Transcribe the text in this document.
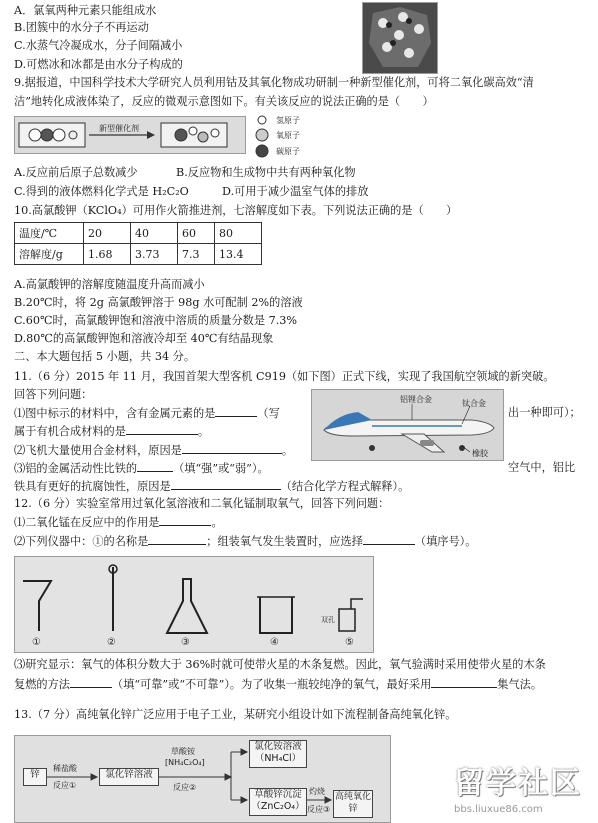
A．氯氧两种元素只能组成水
B.团簇中的水分子不再运动
C.水蒸气冷凝成水，分子间隔减小
D.可燃冰和冰都是由水分子构成的
9.据报道，中国科学技术大学研究人员利用钴及其氧化物成功研制一种新型催化剂，可将二氧化碳高效“清
洁”地转化成液体染了，反应的微观示意图如下。有关该反应的说法正确的是（　　）
新型催化剂
氢原子
氧原子
碳原子
A.反应前后原子总数减少	B.反应物和生成物中共有两种氧化物
C.得到的液体燃料化学式是 H₂C₂O	D.可用于减少温室气体的排放
10.高氯酸钾（KClO₄）可用作火箭推进剂，七溶解度如下表。下列说法正确的是（　　）
温度/℃	20	40	60	80
溶解度/g	1.68	3.73	7.3	13.4
A.高氯酸钾的溶解度随温度升高而减小
B.20℃时，将 2g 高氯酸钾溶于 98g 水可配制 2%的溶液
C.60℃时，高氯酸钾饱和溶液中溶质的质量分数是 7.3%
D.80℃的高氯酸钾饱和溶液冷却至 40℃有结晶现象
二、本大题包括 5 小题，共 34 分。
11.（6 分）2015 年 11 月，我国首架大型客机 C919（如下图）正式下线，实现了我国航空领域的新突破。
回答下列问题：
⑴图中标示的材料中，含有金属元素的是	（写	出一种即可）；
属于有机合成材料的是	。
⑵飞机大量使用合金材料，原因是	。
⑶铝的金属活动性比铁的	（填“强”或“弱”）。	空气中，铝比
铁具有更好的抗腐蚀性，原因是	（结合化学方程式解释）。
铝锂合金	钛合金
橡胶
12.（6 分）实验室常用过氧化氢溶液和二氧化锰制取氧气，回答下列问题：
⑴二氧化锰在反应中的作用是	。
⑵下列仪器中：①的名称是	；组装氧气发生装置时，应选择	（填序号）。
①	②	③	④	⑤
双孔
⑶研究显示：氧气的体积分数大于 36%时就可使带火星的木条复燃。因此，氧气验满时采用使带火星的木条
复燃的方法	（填“可靠”或“不可靠”）。为了收集一瓶较纯净的氧气，最好采用	集气法。
13.（7 分）高纯氧化锌广泛应用于电子工业，某研究小组设计如下流程制备高纯氧化锌。
锌
稀盐酸
反应①
氯化锌溶液
草酸铵
[NH₄C₂O₄]
反应②
氯化铵溶液
（NH₄Cl）
草酸锌沉淀
（ZnC₂O₄）
灼烧
反应③
高纯氧化锌
留学社区
bbs.liuxue86.com
